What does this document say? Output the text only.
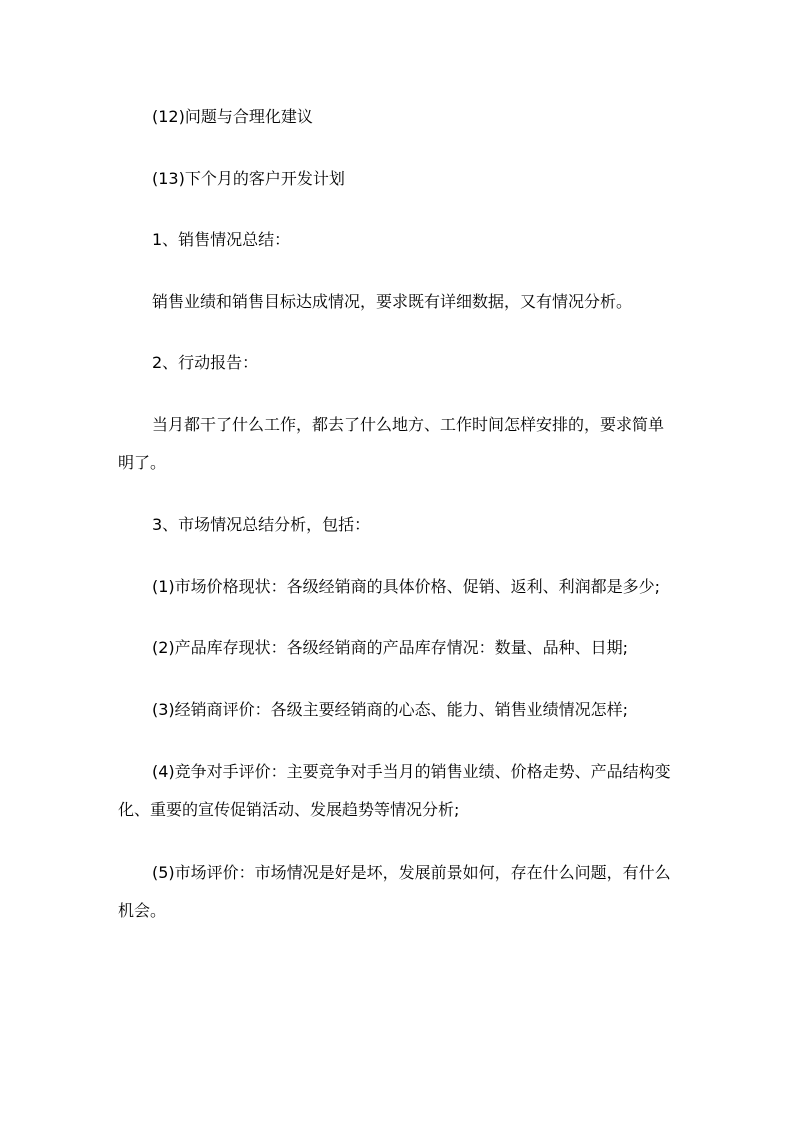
(12)问题与合理化建议

(13)下个月的客户开发计划

1、销售情况总结：

销售业绩和销售目标达成情况，要求既有详细数据，又有情况分析。

2、行动报告：

当月都干了什么工作，都去了什么地方、工作时间怎样安排的，要求简单明了。

3、市场情况总结分析，包括：

(1)市场价格现状：各级经销商的具体价格、促销、返利、利润都是多少;

(2)产品库存现状：各级经销商的产品库存情况：数量、品种、日期;

(3)经销商评价：各级主要经销商的心态、能力、销售业绩情况怎样;

(4)竞争对手评价：主要竞争对手当月的销售业绩、价格走势、产品结构变化、重要的宣传促销活动、发展趋势等情况分析;

(5)市场评价：市场情况是好是坏，发展前景如何，存在什么问题，有什么机会。
